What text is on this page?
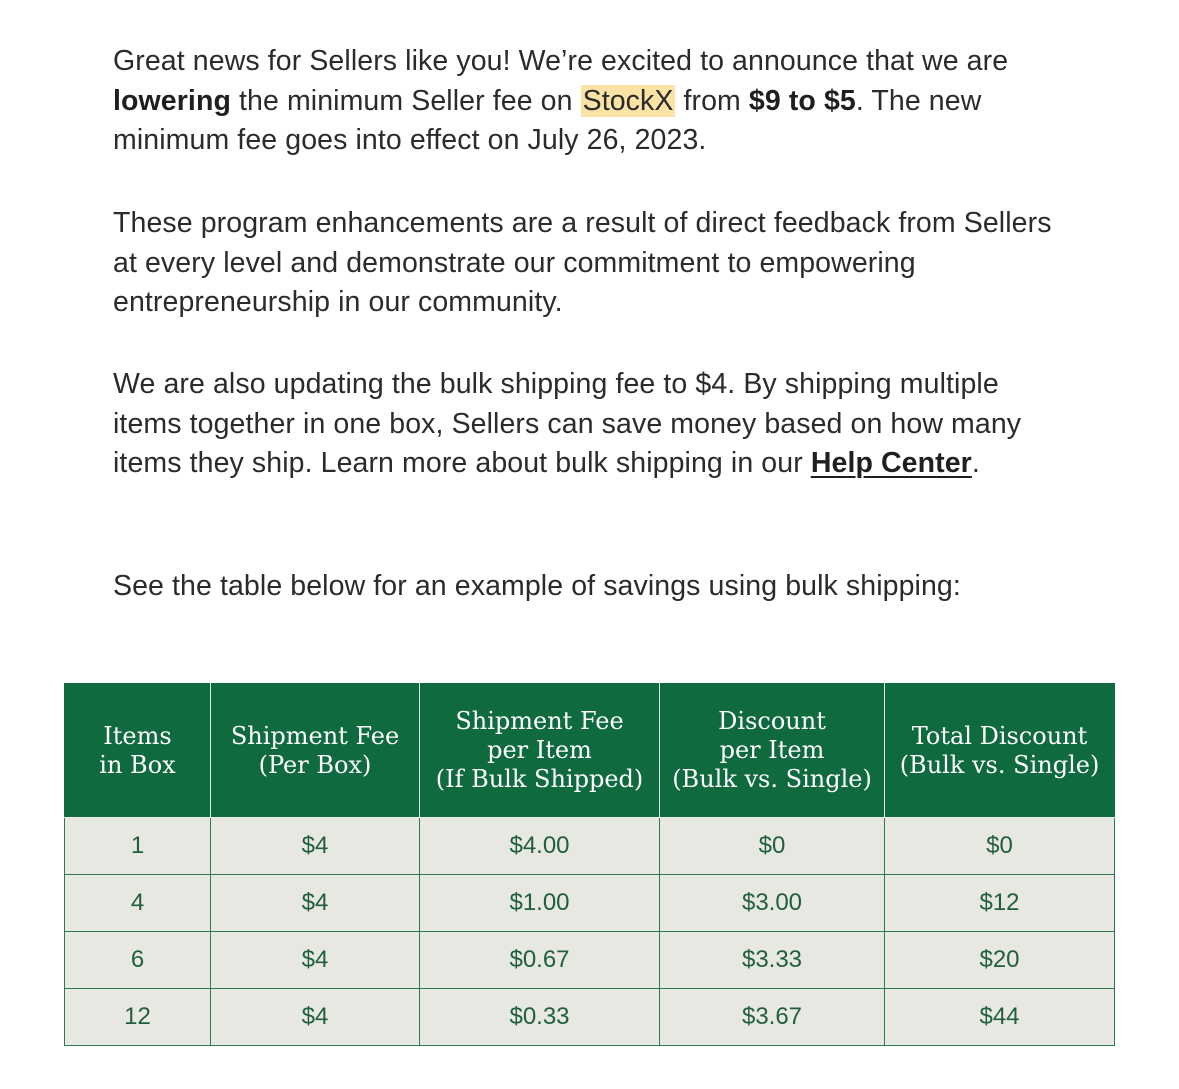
Great news for Sellers like you! We’re excited to announce that we are lowering the minimum Seller fee on StockX from $9 to $5. The new minimum fee goes into effect on July 26, 2023.

These program enhancements are a result of direct feedback from Sellers at every level and demonstrate our commitment to empowering entrepreneurship in our community.

We are also updating the bulk shipping fee to $4. By shipping multiple items together in one box, Sellers can save money based on how many items they ship. Learn more about bulk shipping in our Help Center.

See the table below for an example of savings using bulk shipping:

Items
in Box	Shipment Fee
(Per Box)	Shipment Fee
per Item
(If Bulk Shipped)	Discount
per Item
(Bulk vs. Single)	Total Discount
(Bulk vs. Single)

1	$4	$4.00	$0	$0
4	$4	$1.00	$3.00	$12
6	$4	$0.67	$3.33	$20
12	$4	$0.33	$3.67	$44
